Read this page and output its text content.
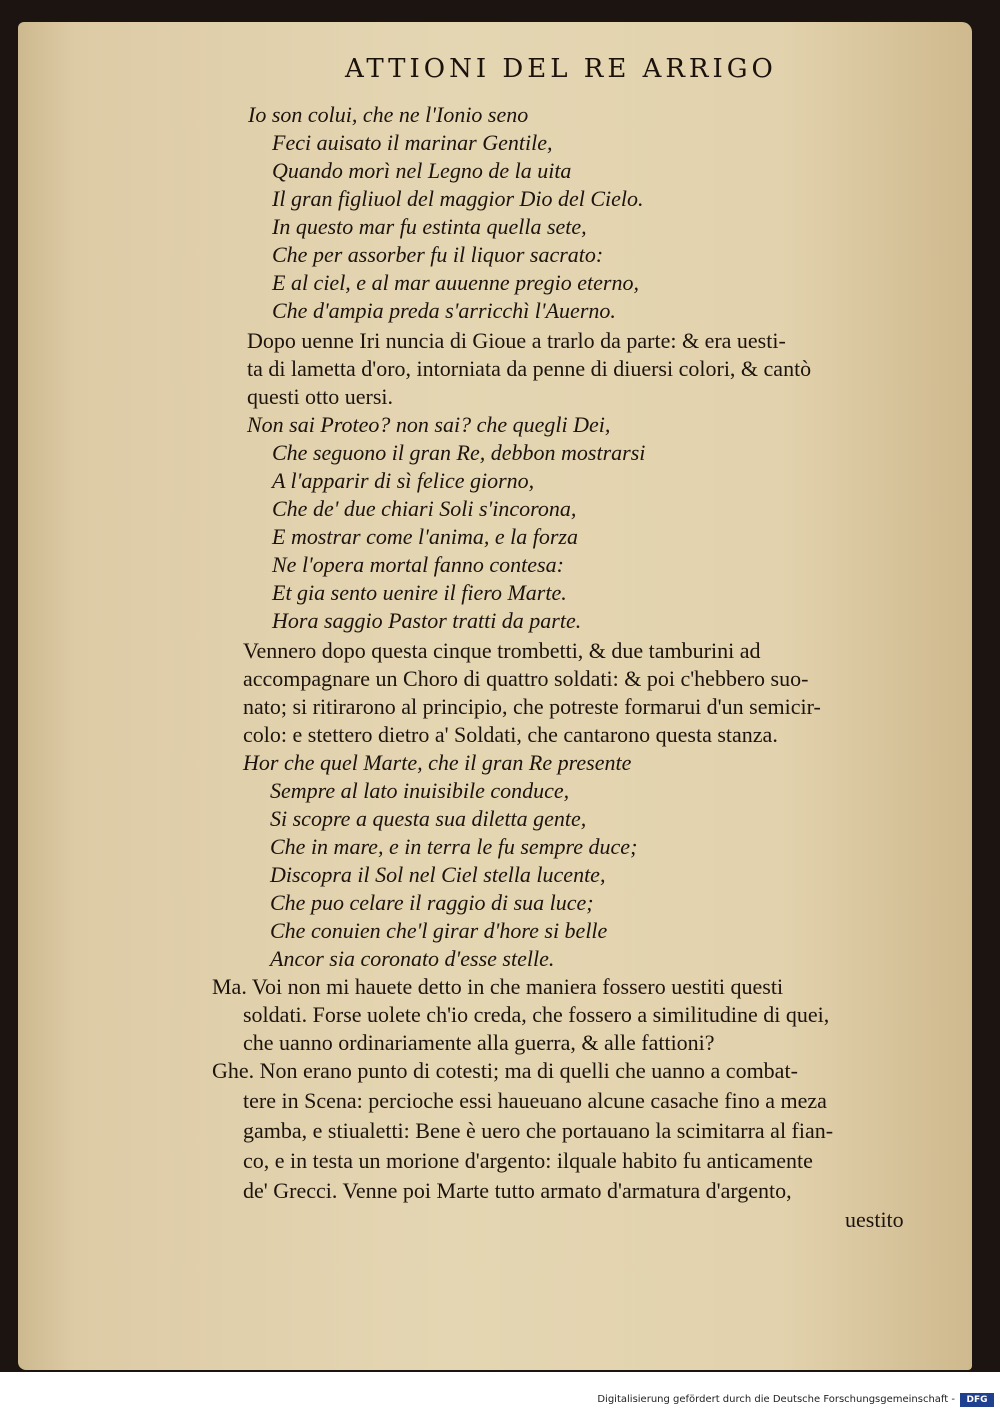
ATTIONI DEL RE ARRIGO
Io son colui, che ne l'Ionio seno
Feci auisato il marinar Gentile,
Quando morì nel Legno de la uita
Il gran figliuol del maggior Dio del Cielo.
In questo mar fu estinta quella sete,
Che per assorber fu il liquor sacrato:
E al ciel, e al mar auuenne pregio eterno,
Che d'ampia preda s'arricchì l'Auerno.
Dopo uenne Iri nuncia di Gioue a trarlo da parte: & era uesti-
ta di lametta d'oro, intorniata da penne di diuersi colori, & cantò
questi otto uersi.
Non sai Proteo? non sai? che quegli Dei,
Che seguono il gran Re, debbon mostrarsi
A l'apparir di sì felice giorno,
Che de' due chiari Soli s'incorona,
E mostrar come l'anima, e la forza
Ne l'opera mortal fanno contesa:
Et gia sento uenire il fiero Marte.
Hora saggio Pastor tratti da parte.
Vennero dopo questa cinque trombetti, & due tamburini ad
accompagnare un Choro di quattro soldati: & poi c'hebbero suo-
nato; si ritirarono al principio, che potreste formarui d'un semicir-
colo: e stettero dietro a' Soldati, che cantarono questa stanza.
Hor che quel Marte, che il gran Re presente
Sempre al lato inuisibile conduce,
Si scopre a questa sua diletta gente,
Che in mare, e in terra le fu sempre duce;
Discopra il Sol nel Ciel stella lucente,
Che puo celare il raggio di sua luce;
Che conuien che'l girar d'hore si belle
Ancor sia coronato d'esse stelle.
Ma. Voi non mi hauete detto in che maniera fossero uestiti questi
soldati. Forse uolete ch'io creda, che fossero a similitudine di quei,
che uanno ordinariamente alla guerra, & alle fattioni?
Ghe. Non erano punto di cotesti; ma di quelli che uanno a combat-
tere in Scena: percioche essi haueuano alcune casache fino a meza
gamba, e stiualetti: Bene è uero che portauano la scimitarra al fian-
co, e in testa un morione d'argento: ilquale habito fu anticamente
de' Grecci. Venne poi Marte tutto armato d'armatura d'argento,
uestito
Digitalisierung gefördert durch die Deutsche Forschungsgemeinschaft -	DFG
